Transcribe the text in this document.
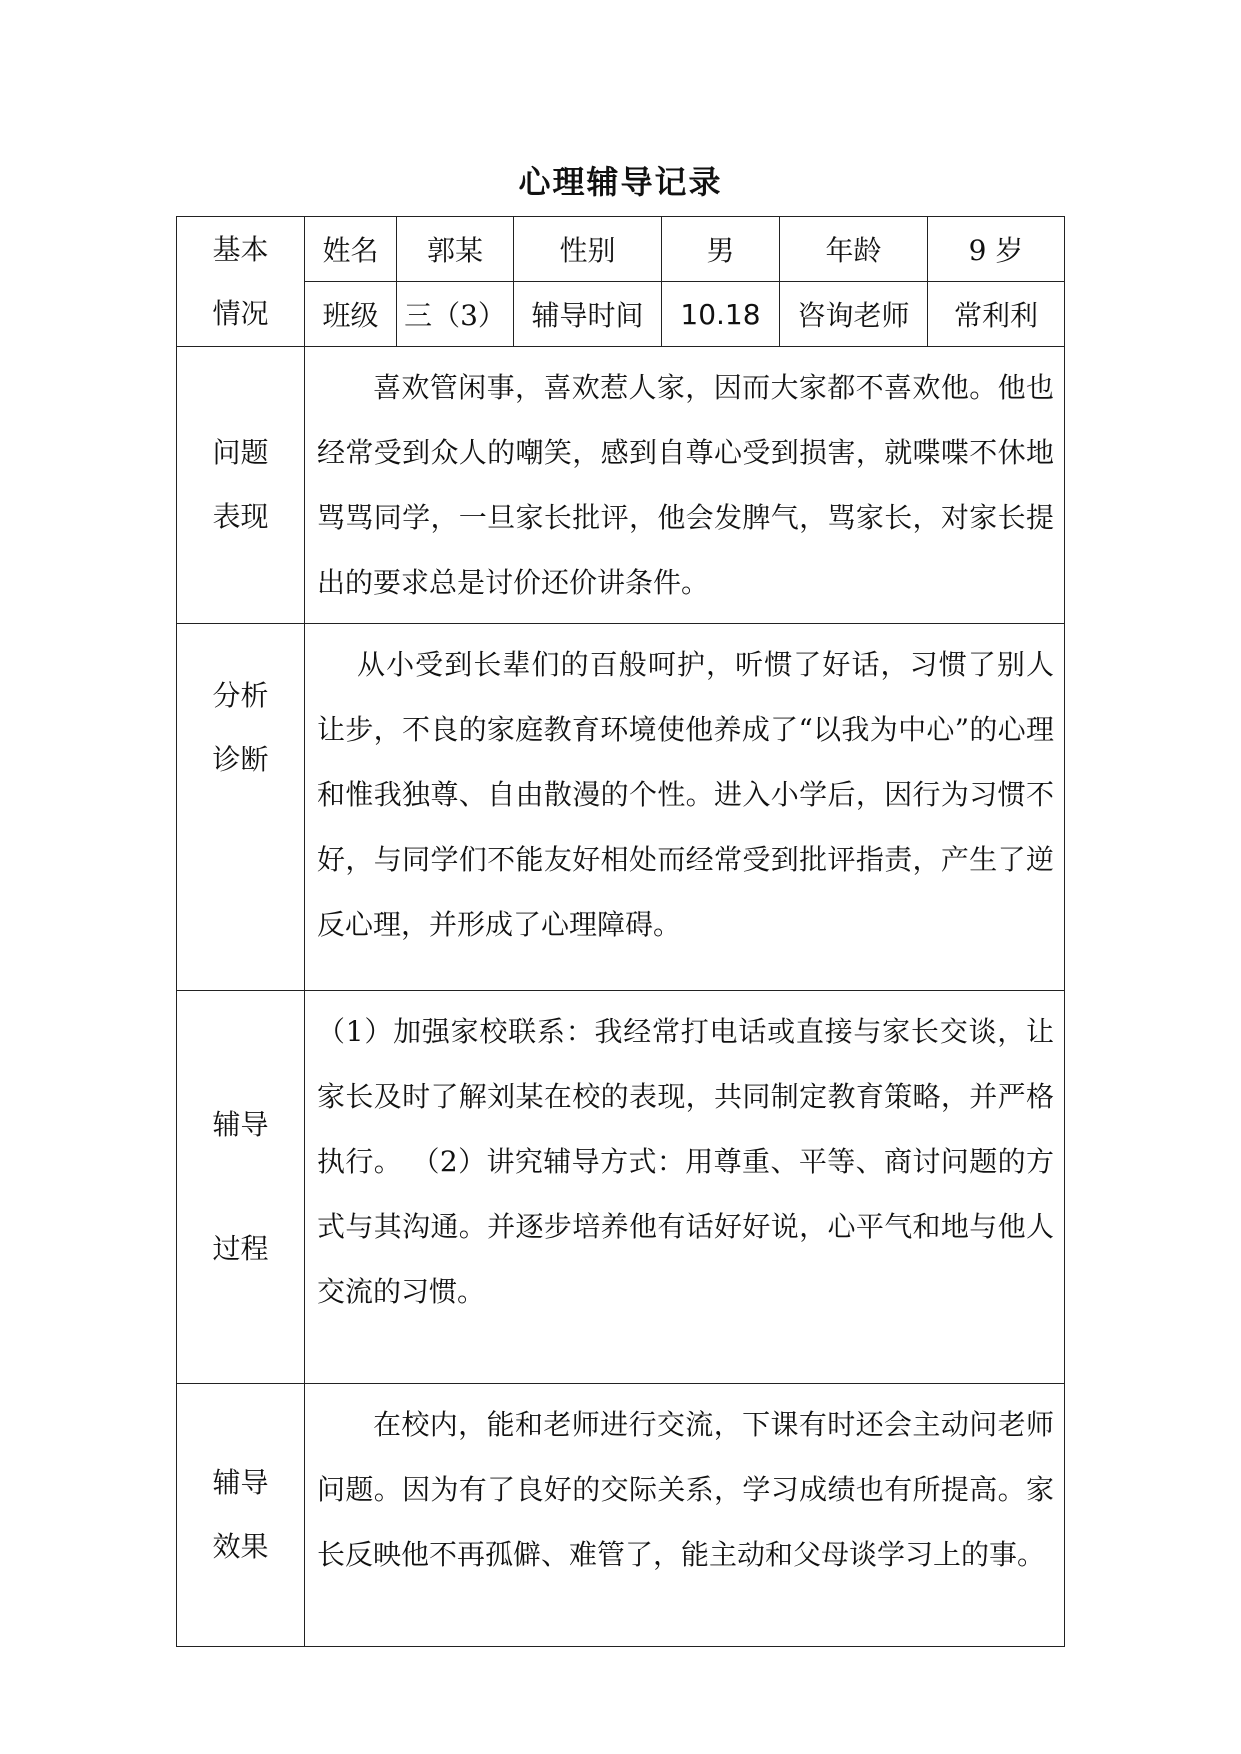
心理辅导记录
基本
情况	姓名	郭某	性别	男	年龄	9 岁
	班级	三（3）	辅导时间	10.18	咨询老师	常利利

问题
表现	喜欢管闲事，喜欢惹人家，因而大家都不喜欢他。他也经常受到众人的嘲笑，感到自尊心受到损害，就喋喋不休地骂骂同学，一旦家长批评，他会发脾气，骂家长，对家长提出的要求总是讨价还价讲条件。					

分析
诊断	从小受到长辈们的百般呵护，听惯了好话，习惯了别人让步，不良的家庭教育环境使他养成了“以我为中心”的心理和惟我独尊、自由散漫的个性。进入小学后，因行为习惯不好，与同学们不能友好相处而经常受到批评指责，产生了逆反心理，并形成了心理障碍。					

辅导
过程	（1）加强家校联系：我经常打电话或直接与家长交谈，让家长及时了解刘某在校的表现，共同制定教育策略，并严格执行。 （2）讲究辅导方式：用尊重、平等、商讨问题的方式与其沟通。并逐步培养他有话好好说，心平气和地与他人交流的习惯。					

辅导
效果	在校内，能和老师进行交流，下课有时还会主动问老师问题。因为有了良好的交际关系，学习成绩也有所提高。家长反映他不再孤僻、难管了，能主动和父母谈学习上的事。					
